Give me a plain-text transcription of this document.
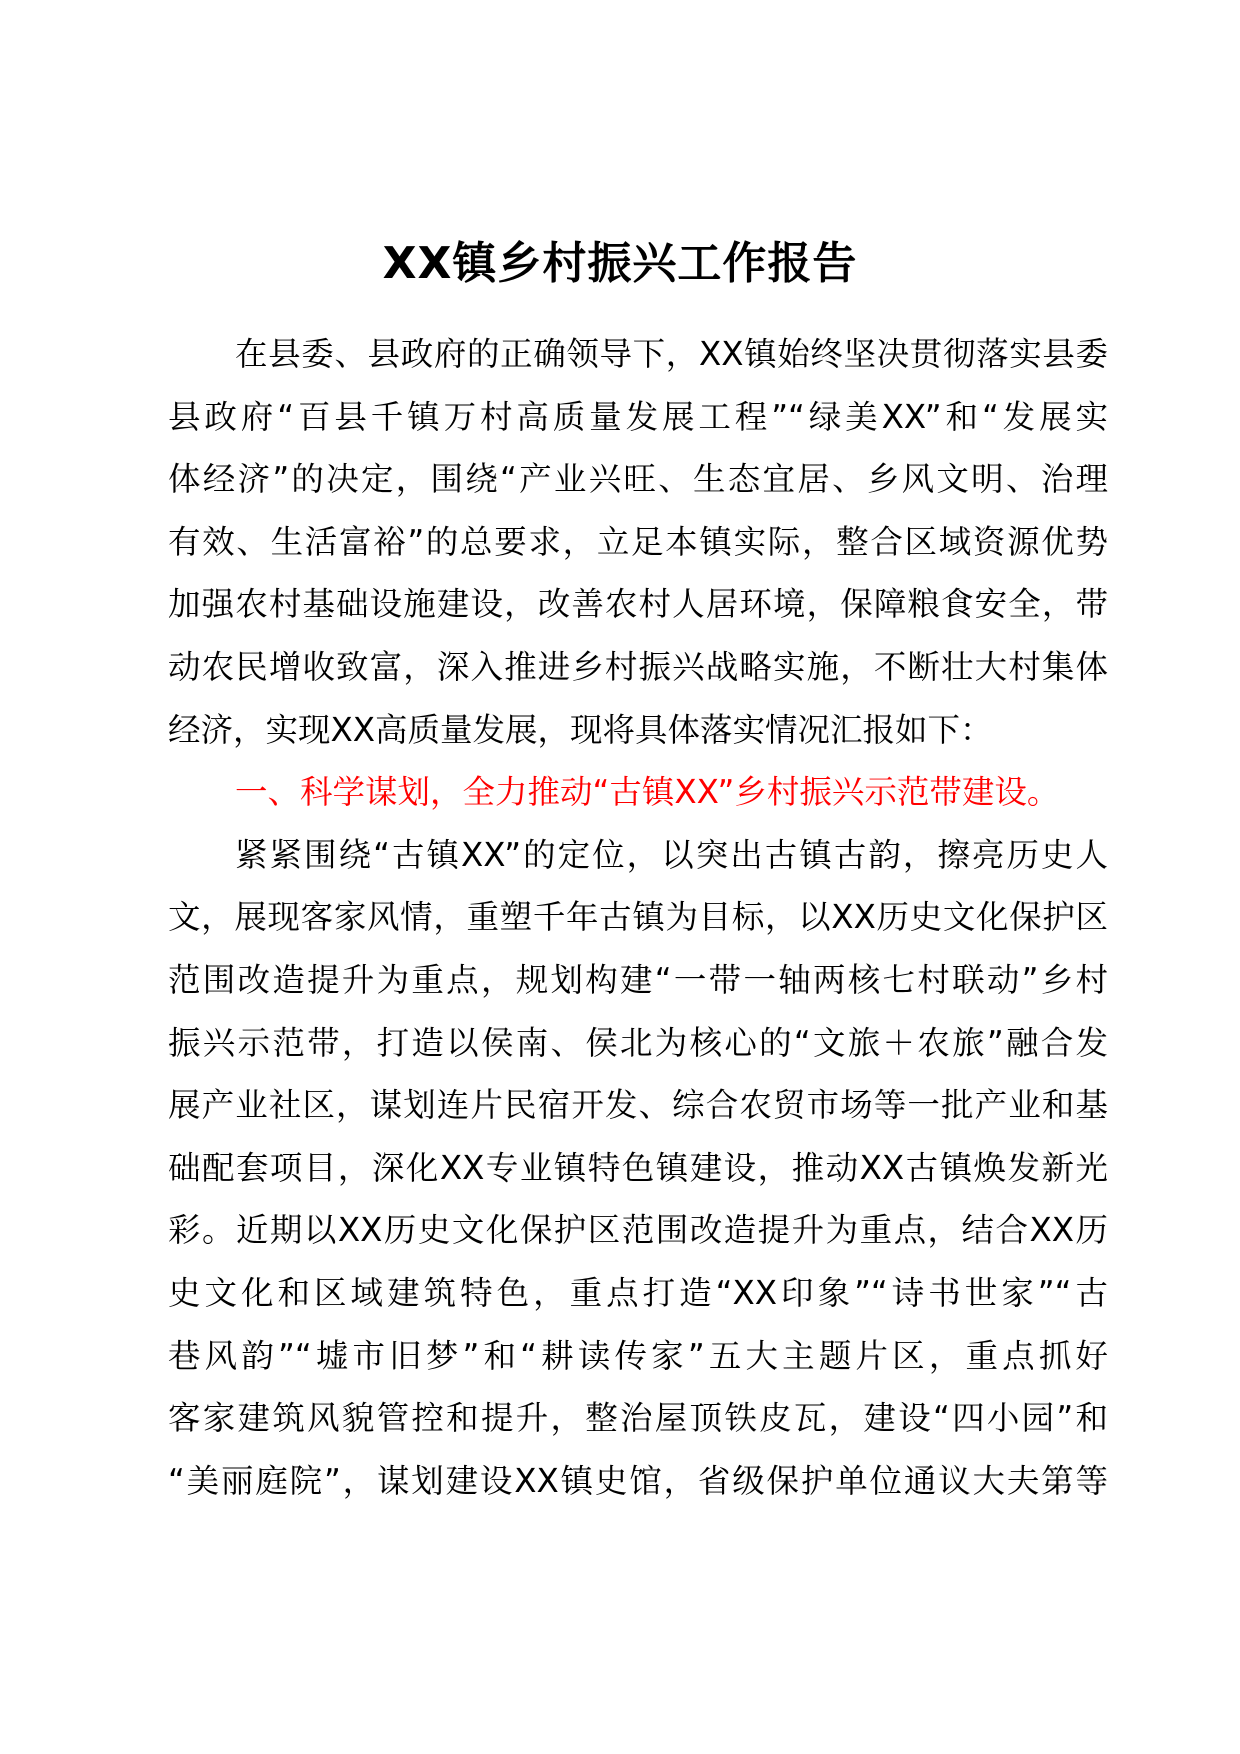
XX镇乡村振兴工作报告
在县委、县政府的正确领导下，XX镇始终坚决贯彻落实县委
县政府“百县千镇万村高质量发展工程”“绿美XX”和“发展实
体经济”的决定，围绕“产业兴旺、生态宜居、乡风文明、治理
有效、生活富裕”的总要求，立足本镇实际，整合区域资源优势
加强农村基础设施建设，改善农村人居环境，保障粮食安全，带
动农民增收致富，深入推进乡村振兴战略实施，不断壮大村集体
经济，实现XX高质量发展，现将具体落实情况汇报如下：
一、科学谋划，全力推动“古镇XX”乡村振兴示范带建设。
紧紧围绕“古镇XX”的定位，以突出古镇古韵，擦亮历史人
文，展现客家风情，重塑千年古镇为目标，以XX历史文化保护区
范围改造提升为重点，规划构建“一带一轴两核七村联动”乡村
振兴示范带，打造以侯南、侯北为核心的“文旅＋农旅”融合发
展产业社区，谋划连片民宿开发、综合农贸市场等一批产业和基
础配套项目，深化XX专业镇特色镇建设，推动XX古镇焕发新光
彩。近期以XX历史文化保护区范围改造提升为重点，结合XX历
史文化和区域建筑特色，重点打造“XX印象”“诗书世家”“古
巷风韵”“墟市旧梦”和“耕读传家”五大主题片区，重点抓好
客家建筑风貌管控和提升，整治屋顶铁皮瓦，建设“四小园”和
“美丽庭院”，谋划建设XX镇史馆，省级保护单位通议大夫第等
